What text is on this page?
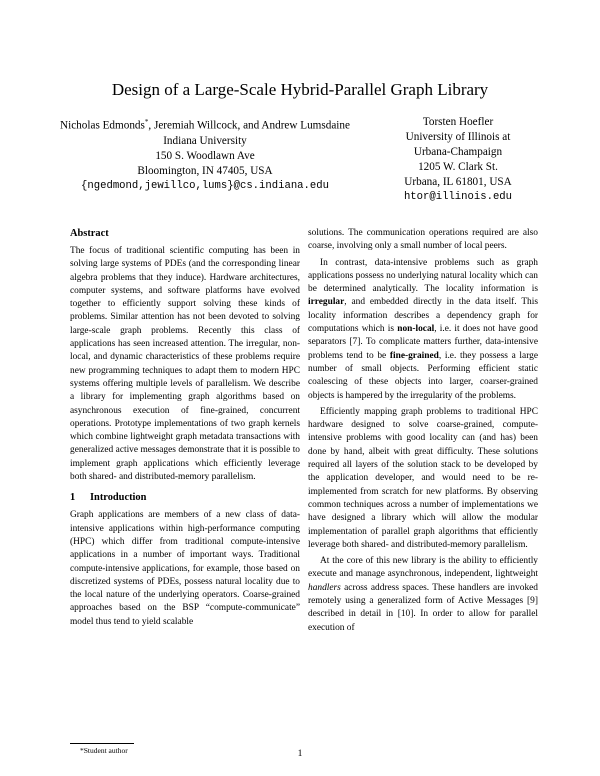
Design of a Large-Scale Hybrid-Parallel Graph Library
Nicholas Edmonds*, Jeremiah Willcock, and Andrew Lumsdaine
Indiana University
150 S. Woodlawn Ave
Bloomington, IN 47405, USA
{ngedmond,jewillco,lums}@cs.indiana.edu
Torsten Hoefler
University of Illinois at
Urbana-Champaign
1205 W. Clark St.
Urbana, IL 61801, USA
htor@illinois.edu
Abstract

The focus of traditional scientific computing has been in solving large systems of PDEs (and the corresponding linear algebra problems that they induce). Hardware architectures, computer systems, and software platforms have evolved together to efficiently support solving these kinds of problems. Similar attention has not been devoted to solving large-scale graph problems. Recently this class of applications has seen increased attention. The irregular, non-local, and dynamic characteristics of these problems require new programming techniques to adapt them to modern HPC systems offering multiple levels of parallelism. We describe a library for implementing graph algorithms based on asynchronous execution of fine-grained, concurrent operations. Prototype implementations of two graph kernels which combine lightweight graph metadata transactions with generalized active messages demonstrate that it is possible to implement graph applications which efficiently leverage both shared- and distributed-memory parallelism.

1 Introduction

Graph applications are members of a new class of data-intensive applications within high-performance computing (HPC) which differ from traditional compute-intensive applications in a number of important ways. Traditional compute-intensive applications, for example, those based on discretized systems of PDEs, possess natural locality due to the local nature of the underlying operators. Coarse-grained approaches based on the BSP “compute-communicate” model thus tend to yield scalable

solutions. The communication operations required are also coarse, involving only a small number of local peers.

In contrast, data-intensive problems such as graph applications possess no underlying natural locality which can be determined analytically. The locality information is irregular, and embedded directly in the data itself. This locality information describes a dependency graph for computations which is non-local, i.e. it does not have good separators [7]. To complicate matters further, data-intensive problems tend to be fine-grained, i.e. they possess a large number of small objects. Performing efficient static coalescing of these objects into larger, coarser-grained objects is hampered by the irregularity of the problems.

Efficiently mapping graph problems to traditional HPC hardware designed to solve coarse-grained, compute-intensive problems with good locality can (and has) been done by hand, albeit with great difficulty. These solutions required all layers of the solution stack to be developed by the application developer, and would need to be re-implemented from scratch for new platforms. By observing common techniques across a number of implementations we have designed a library which will allow the modular implementation of parallel graph algorithms that efficiently leverage both shared- and distributed-memory parallelism.

At the core of this new library is the ability to efficiently execute and manage asynchronous, independent, lightweight handlers across address spaces. These handlers are invoked remotely using a generalized form of Active Messages [9] described in detail in [10]. In order to allow for parallel execution of

*Student author	1
